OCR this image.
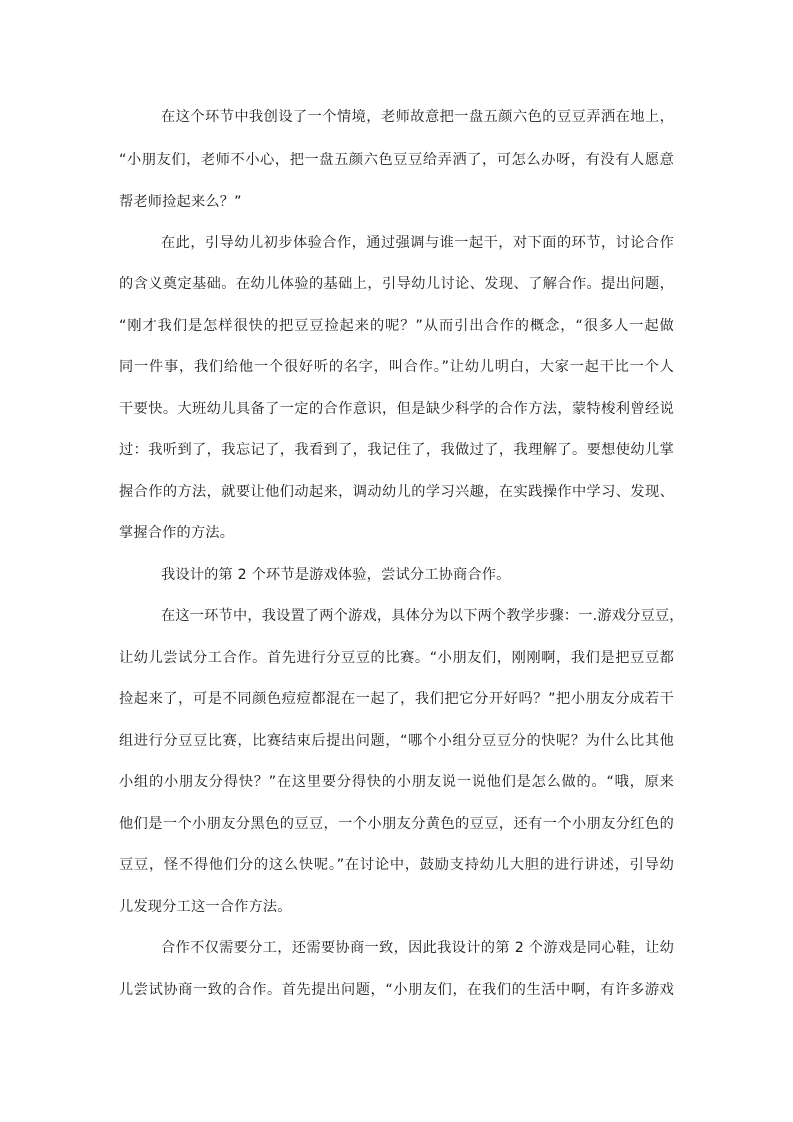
在这个环节中我创设了一个情境，老师故意把一盘五颜六色的豆豆弄洒在地上，
“小朋友们，老师不小心，把一盘五颜六色豆豆给弄洒了，可怎么办呀，有没有人愿意
帮老师捡起来么？”
在此，引导幼儿初步体验合作，通过强调与谁一起干，对下面的环节，讨论合作
的含义奠定基础。在幼儿体验的基础上，引导幼儿讨论、发现、了解合作。提出问题，
“刚才我们是怎样很快的把豆豆捡起来的呢？”从而引出合作的概念，“很多人一起做
同一件事，我们给他一个很好听的名字，叫合作。”让幼儿明白，大家一起干比一个人
干要快。大班幼儿具备了一定的合作意识，但是缺少科学的合作方法，蒙特梭利曾经说
过：我听到了，我忘记了，我看到了，我记住了，我做过了，我理解了。要想使幼儿掌
握合作的方法，就要让他们动起来，调动幼儿的学习兴趣，在实践操作中学习、发现、
掌握合作的方法。
我设计的第 2 个环节是游戏体验，尝试分工协商合作。
在这一环节中，我设置了两个游戏，具体分为以下两个教学步骤：一.游戏分豆豆，
让幼儿尝试分工合作。首先进行分豆豆的比赛。“小朋友们，刚刚啊，我们是把豆豆都
捡起来了，可是不同颜色痘痘都混在一起了，我们把它分开好吗？”把小朋友分成若干
组进行分豆豆比赛，比赛结束后提出问题，“哪个小组分豆豆分的快呢？为什么比其他
小组的小朋友分得快？”在这里要分得快的小朋友说一说他们是怎么做的。“哦，原来
他们是一个小朋友分黑色的豆豆，一个小朋友分黄色的豆豆，还有一个小朋友分红色的
豆豆，怪不得他们分的这么快呢。”在讨论中，鼓励支持幼儿大胆的进行讲述，引导幼
儿发现分工这一合作方法。
合作不仅需要分工，还需要协商一致，因此我设计的第 2 个游戏是同心鞋，让幼
儿尝试协商一致的合作。首先提出问题，“小朋友们，在我们的生活中啊，有许多游戏
